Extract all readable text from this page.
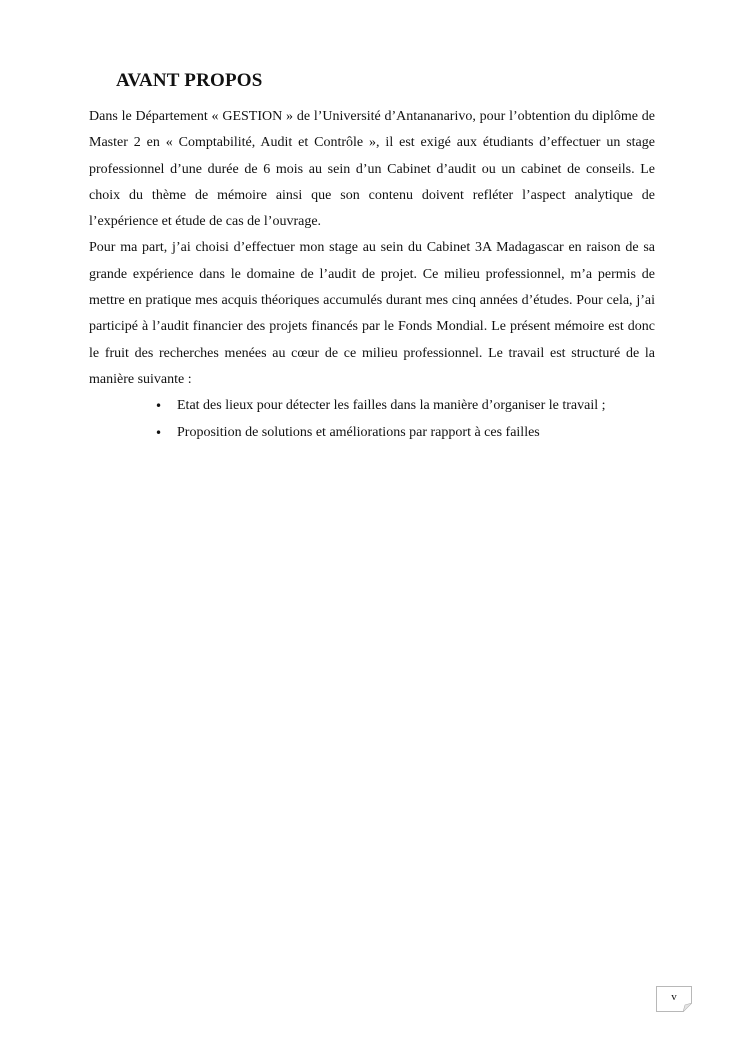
AVANT PROPOS

Dans le Département « GESTION » de l’Université d’Antananarivo, pour l’obtention du diplôme de Master 2 en « Comptabilité, Audit et Contrôle », il est exigé aux étudiants d’effectuer un stage professionnel d’une durée de 6 mois au sein d’un Cabinet d’audit ou un cabinet de conseils. Le choix du thème de mémoire ainsi que son contenu doivent refléter l’aspect analytique de l’expérience et étude de cas de l’ouvrage.

Pour ma part, j’ai choisi d’effectuer mon stage au sein du Cabinet 3A Madagascar en raison de sa grande expérience dans le domaine de l’audit de projet. Ce milieu professionnel, m’a permis de mettre en pratique mes acquis théoriques accumulés durant mes cinq années d’études. Pour cela, j’ai participé à l’audit financier des projets financés par le Fonds Mondial. Le présent mémoire est donc le fruit des recherches menées au cœur de ce milieu professionnel. Le travail est structuré de la manière suivante :

• Etat des lieux pour détecter les failles dans la manière d’organiser le travail ;
• Proposition de solutions et améliorations par rapport à ces failles
v
